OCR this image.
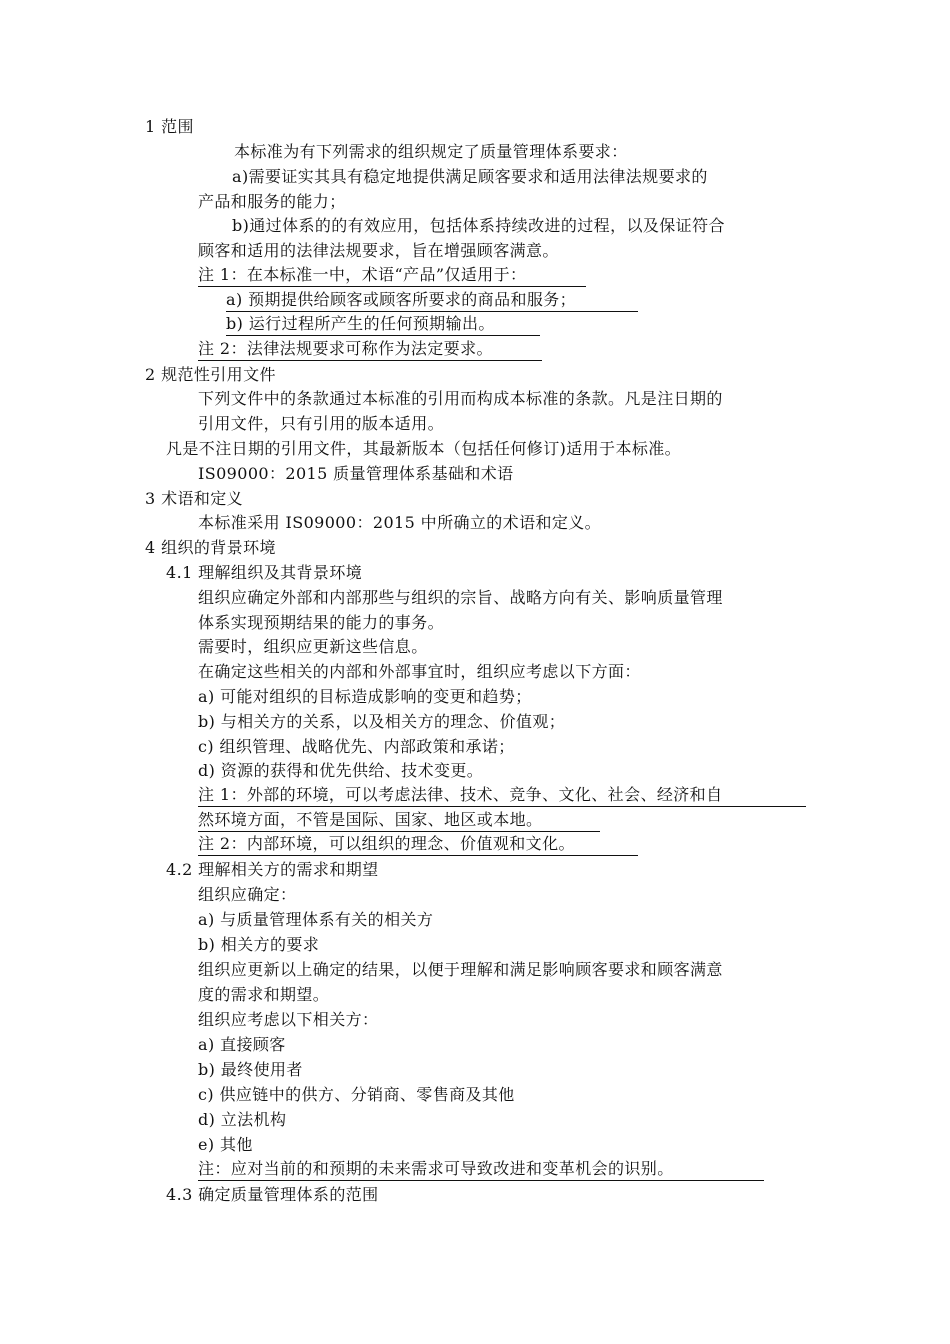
1 范围
本标准为有下列需求的组织规定了质量管理体系要求：
a)需要证实其具有稳定地提供满足顾客要求和适用法律法规要求的
产品和服务的能力；
b)通过体系的的有效应用，包括体系持续改进的过程，以及保证符合
顾客和适用的法律法规要求，旨在增强顾客满意。
注 1：在本标准一中，术语“产品”仅适用于：
a) 预期提供给顾客或顾客所要求的商品和服务；
b) 运行过程所产生的任何预期输出。
注 2：法律法规要求可称作为法定要求。
2 规范性引用文件
下列文件中的条款通过本标准的引用而构成本标准的条款。凡是注日期的
引用文件，只有引用的版本适用。
凡是不注日期的引用文件，其最新版本（包括任何修订)适用于本标准。
IS09000：2015 质量管理体系基础和术语
3 术语和定义
本标准采用 IS09000：2015 中所确立的术语和定义。
4 组织的背景环境
4.1 理解组织及其背景环境
组织应确定外部和内部那些与组织的宗旨、战略方向有关、影响质量管理
体系实现预期结果的能力的事务。
需要时，组织应更新这些信息。
在确定这些相关的内部和外部事宜时，组织应考虑以下方面：
a) 可能对组织的目标造成影响的变更和趋势；
b) 与相关方的关系，以及相关方的理念、价值观；
c) 组织管理、战略优先、内部政策和承诺；
d) 资源的获得和优先供给、技术变更。
注 1：外部的环境，可以考虑法律、技术、竞争、文化、社会、经济和自
然环境方面，不管是国际、国家、地区或本地。
注 2：内部环境，可以组织的理念、价值观和文化。
4.2 理解相关方的需求和期望
组织应确定：
a) 与质量管理体系有关的相关方
b) 相关方的要求
组织应更新以上确定的结果，以便于理解和满足影响顾客要求和顾客满意
度的需求和期望。
组织应考虑以下相关方：
a) 直接顾客
b) 最终使用者
c) 供应链中的供方、分销商、零售商及其他
d) 立法机构
e) 其他
注：应对当前的和预期的未来需求可导致改进和变革机会的识别。
4.3 确定质量管理体系的范围
